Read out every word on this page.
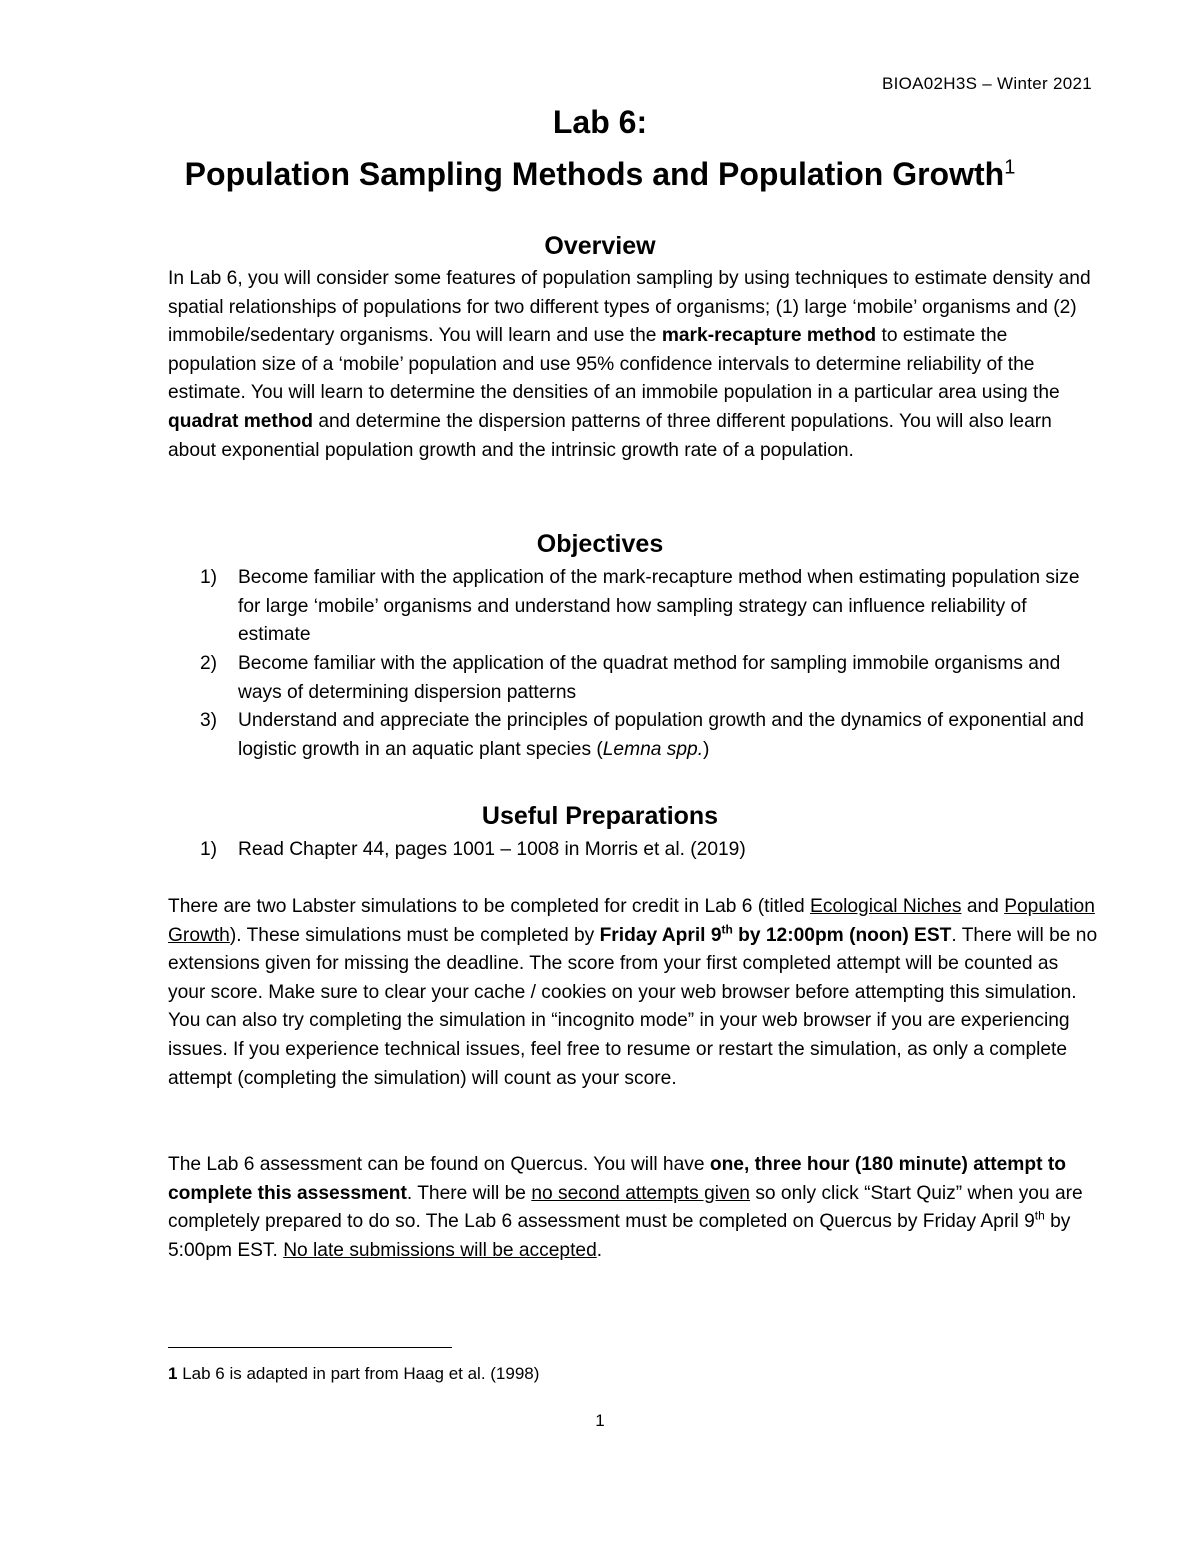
BIOA02H3S – Winter 2021
Lab 6:
Population Sampling Methods and Population Growth$^1$
Overview

In Lab 6, you will consider some features of population sampling by using techniques to estimate density and spatial relationships of populations for two different types of organisms; (1) large ‘mobile’ organisms and (2) immobile/sedentary organisms. You will learn and use the mark-recapture method to estimate the population size of a ‘mobile’ population and use 95% confidence intervals to determine reliability of the estimate. You will learn to determine the densities of an immobile population in a particular area using the quadrat method and determine the dispersion patterns of three different populations. You will also learn about exponential population growth and the intrinsic growth rate of a population.

Objectives
1) Become familiar with the application of the mark-recapture method when estimating population size for large ‘mobile’ organisms and understand how sampling strategy can influence reliability of estimate
2) Become familiar with the application of the quadrat method for sampling immobile organisms and ways of determining dispersion patterns
3) Understand and appreciate the principles of population growth and the dynamics of exponential and logistic growth in an aquatic plant species (Lemna spp.)
Useful Preparations
1) Read Chapter 44, pages 1001 – 1008 in Morris et al. (2019)

There are two Labster simulations to be completed for credit in Lab 6 (titled Ecological Niches and Population Growth). These simulations must be completed by Friday April 9th by 12:00pm (noon) EST. There will be no extensions given for missing the deadline. The score from your first completed attempt will be counted as your score. Make sure to clear your cache / cookies on your web browser before attempting this simulation. You can also try completing the simulation in “incognito mode” in your web browser if you are experiencing issues. If you experience technical issues, feel free to resume or restart the simulation, as only a complete attempt (completing the simulation) will count as your score.

The Lab 6 assessment can be found on Quercus. You will have one, three hour (180 minute) attempt to complete this assessment. There will be no second attempts given so only click “Start Quiz” when you are completely prepared to do so. The Lab 6 assessment must be completed on Quercus by Friday April 9th by 5:00pm EST. No late submissions will be accepted.

1 Lab 6 is adapted in part from Haag et al. (1998)
1
